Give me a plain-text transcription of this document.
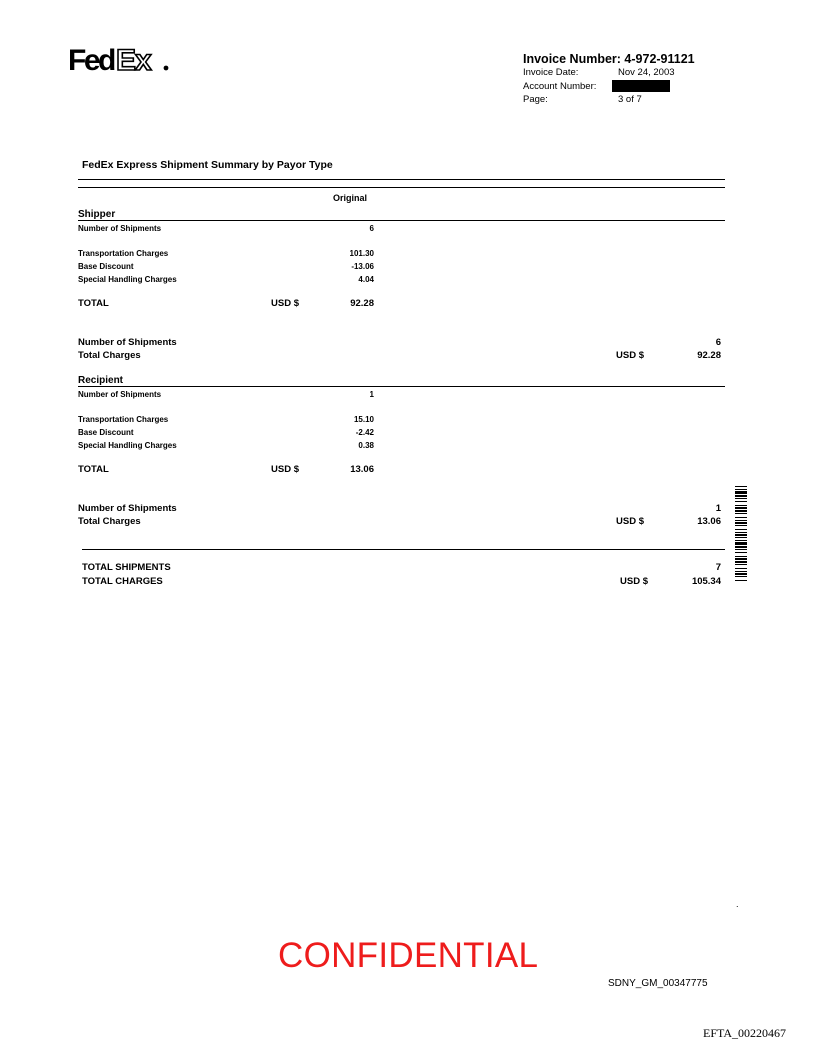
Fed Ex	Invoice Number: 4-972-91121
Invoice Date:	Nov 24, 2003
Account Number:
Page:	3 of 7
FedEx Express Shipment Summary by Payor Type
Original
Shipper
Number of Shipments	6
Transportation Charges	101.30
Base Discount	-13.06
Special Handling Charges	4.04
TOTAL	USD $	92.28
Number of Shipments	6
Total Charges	USD $	92.28
Recipient
Number of Shipments	1
Transportation Charges	15.10
Base Discount	-2.42
Special Handling Charges	0.38
TOTAL	USD $	13.06
Number of Shipments	1
Total Charges	USD $	13.06
TOTAL SHIPMENTS	7
TOTAL CHARGES	USD $	105.34
.
CONFIDENTIAL
SDNY_GM_00347775
EFTA_00220467
